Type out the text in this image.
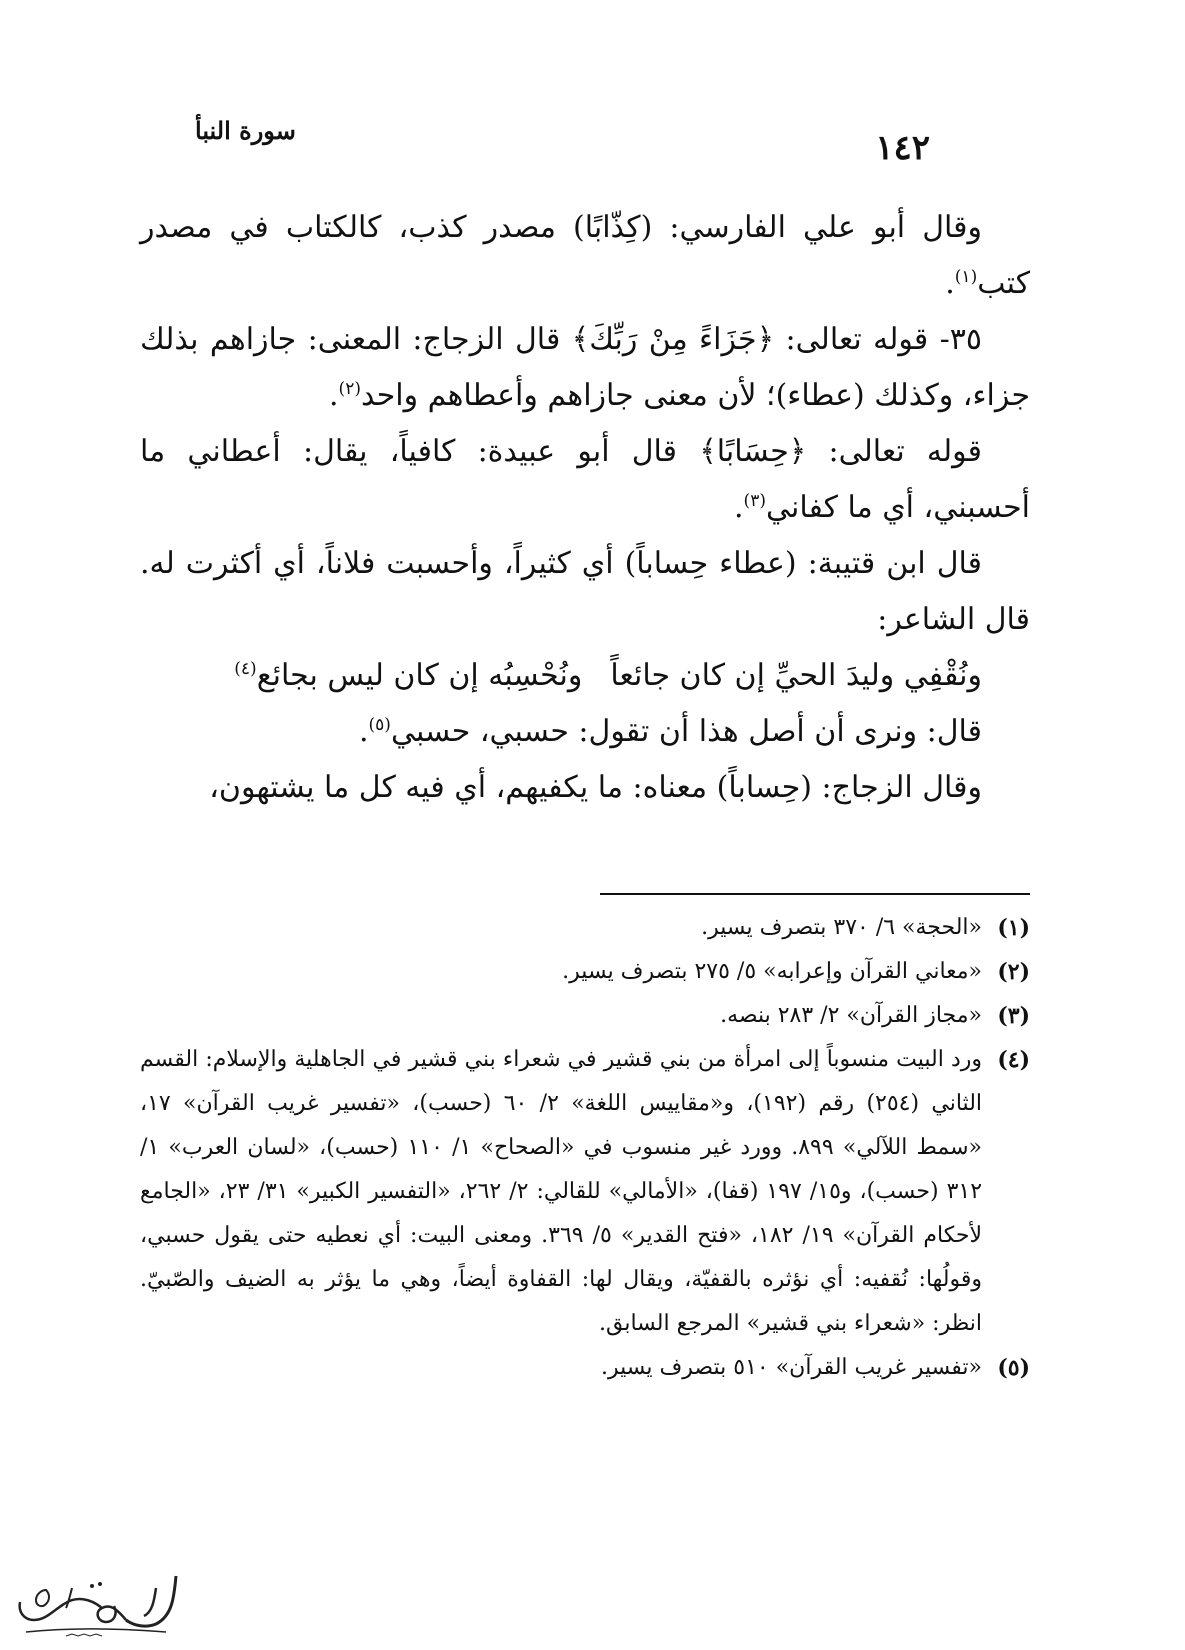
١٤٢
سورة النبأ

وقال أبو علي الفارسي: (كِذّابًا) مصدر كذب، كالكتاب في مصدر كتب$^{(١)}$.

٣٥- قوله تعالى: ﴿جَزَاءً مِنْ رَبِّكَ﴾ قال الزجاج: المعنى: جازاهم بذلك جزاء، وكذلك (عطاء)؛ لأن معنى جازاهم وأعطاهم واحد$^{(٢)}$.

قوله تعالى: ﴿حِسَابًا﴾ قال أبو عبيدة: كافياً، يقال: أعطاني ما أحسبني، أي ما كفاني$^{(٣)}$.

قال ابن قتيبة: (عطاء حِساباً) أي كثيراً، وأحسبت فلاناً، أي أكثرت له. قال الشاعر:

ونُقْفِي وليدَ الحيِّ إن كان جائعاًونُحْسِبُه إن كان ليس بجائع$^{(٤)}$

قال: ونرى أن أصل هذا أن تقول: حسبي، حسبي$^{(٥)}$.

وقال الزجاج: (حِساباً) معناه: ما يكفيهم، أي فيه كل ما يشتهون،

(١)
«الحجة» ٦/ ٣٧٠ بتصرف يسير.
(٢)
«معاني القرآن وإعرابه» ٥/ ٢٧٥ بتصرف يسير.
(٣)
«مجاز القرآن» ٢/ ٢٨٣ بنصه.
(٤)
ورد البيت منسوباً إلى امرأة من بني قشير في شعراء بني قشير في الجاهلية والإسلام: القسم الثاني (٢٥٤) رقم (١٩٢)، و«مقاييس اللغة» ٢/ ٦٠ (حسب)، «تفسير غريب القرآن» ١٧، «سمط اللآلي» ٨٩٩. وورد غير منسوب في «الصحاح» ١/ ١١٠ (حسب)، «لسان العرب» ١/ ٣١٢ (حسب)، و١٥/ ١٩٧ (قفا)، «الأمالي» للقالي: ٢/ ٢٦٢، «التفسير الكبير» ٣١/ ٢٣، «الجامع لأحكام القرآن» ١٩/ ١٨٢، «فتح القدير» ٥/ ٣٦٩. ومعنى البيت: أي نعطيه حتى يقول حسبي، وقولُها: نُقفيه: أي نؤثره بالقفيّة، ويقال لها: القفاوة أيضاً، وهي ما يؤثر به الضيف والصّبيّ. انظر: «شعراء بني قشير» المرجع السابق.
(٥)
«تفسير غريب القرآن» ٥١٠ بتصرف يسير.
